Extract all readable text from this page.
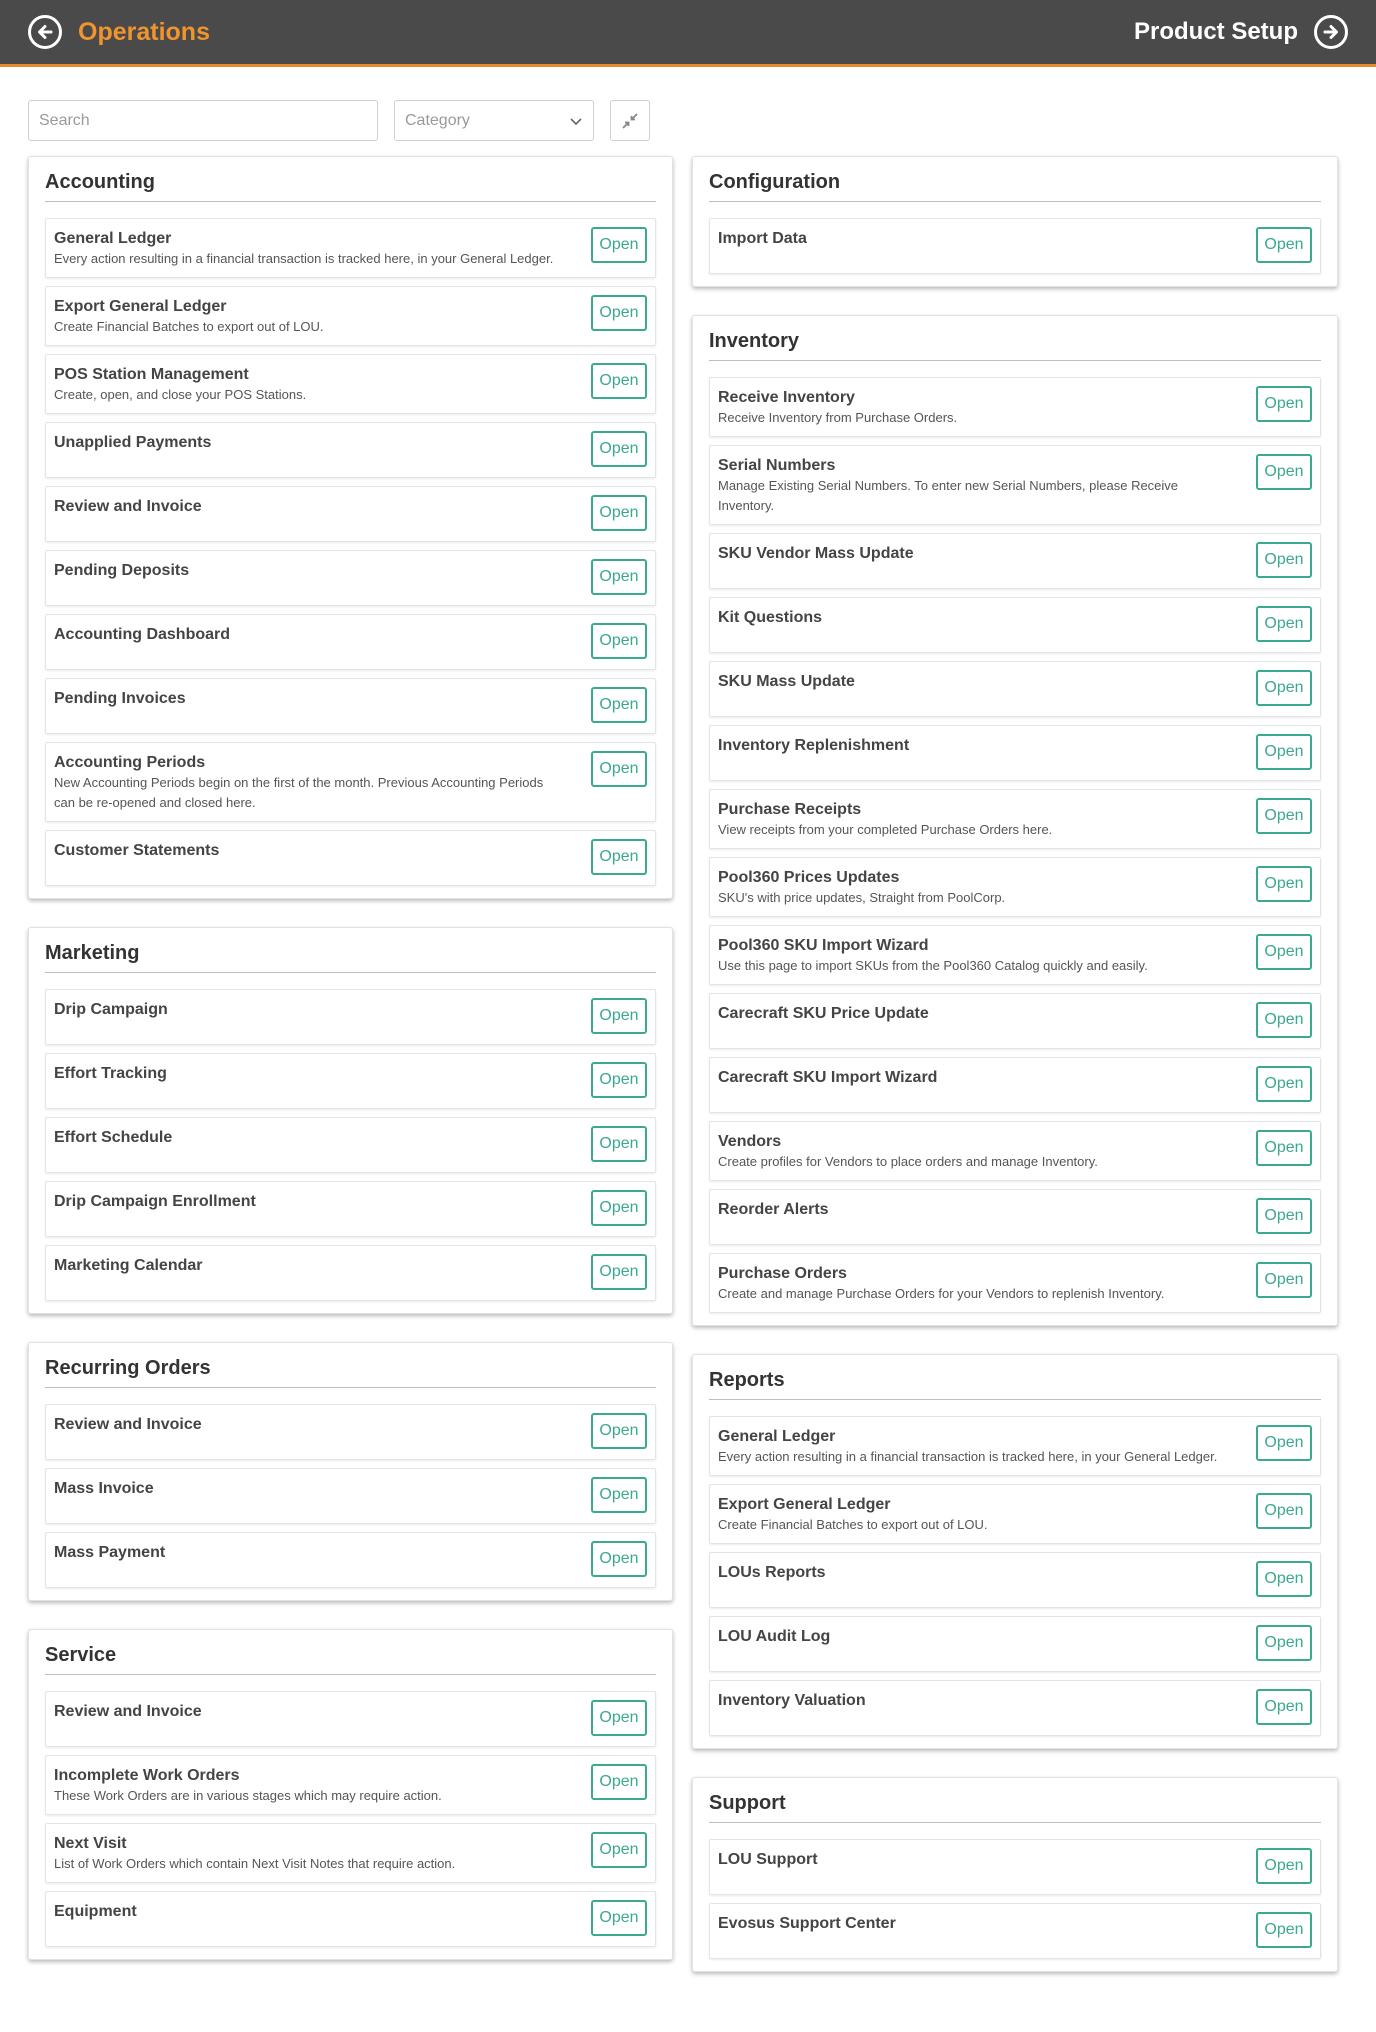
Operations	Product Setup
Search
Category
Accounting
General Ledger
Every action resulting in a financial transaction is tracked here, in your General Ledger.
Open
Export General Ledger
Create Financial Batches to export out of LOU.
Open
POS Station Management
Create, open, and close your POS Stations.
Open
Unapplied Payments	Open
Review and Invoice	Open
Pending Deposits	Open
Accounting Dashboard	Open
Pending Invoices	Open
Accounting Periods
New Accounting Periods begin on the first of the month. Previous Accounting Periods can be re-opened and closed here.
Open
Customer Statements	Open
Marketing
Drip Campaign	Open
Effort Tracking	Open
Effort Schedule	Open
Drip Campaign Enrollment	Open
Marketing Calendar	Open
Recurring Orders
Review and Invoice	Open
Mass Invoice	Open
Mass Payment	Open
Service
Review and Invoice	Open
Incomplete Work Orders
These Work Orders are in various stages which may require action.
Open
Next Visit
List of Work Orders which contain Next Visit Notes that require action.
Open
Equipment	Open
Configuration
Import Data	Open
Inventory
Receive Inventory
Receive Inventory from Purchase Orders.
Open
Serial Numbers
Manage Existing Serial Numbers. To enter new Serial Numbers, please Receive Inventory.
Open
SKU Vendor Mass Update	Open
Kit Questions	Open
SKU Mass Update	Open
Inventory Replenishment	Open
Purchase Receipts
View receipts from your completed Purchase Orders here.
Open
Pool360 Prices Updates
SKU's with price updates, Straight from PoolCorp.
Open
Pool360 SKU Import Wizard
Use this page to import SKUs from the Pool360 Catalog quickly and easily.
Open
Carecraft SKU Price Update	Open
Carecraft SKU Import Wizard	Open
Vendors
Create profiles for Vendors to place orders and manage Inventory.
Open
Reorder Alerts	Open
Purchase Orders
Create and manage Purchase Orders for your Vendors to replenish Inventory.
Open
Reports
General Ledger
Every action resulting in a financial transaction is tracked here, in your General Ledger.
Open
Export General Ledger
Create Financial Batches to export out of LOU.
Open
LOUs Reports	Open
LOU Audit Log	Open
Inventory Valuation	Open
Support
LOU Support	Open
Evosus Support Center	Open
